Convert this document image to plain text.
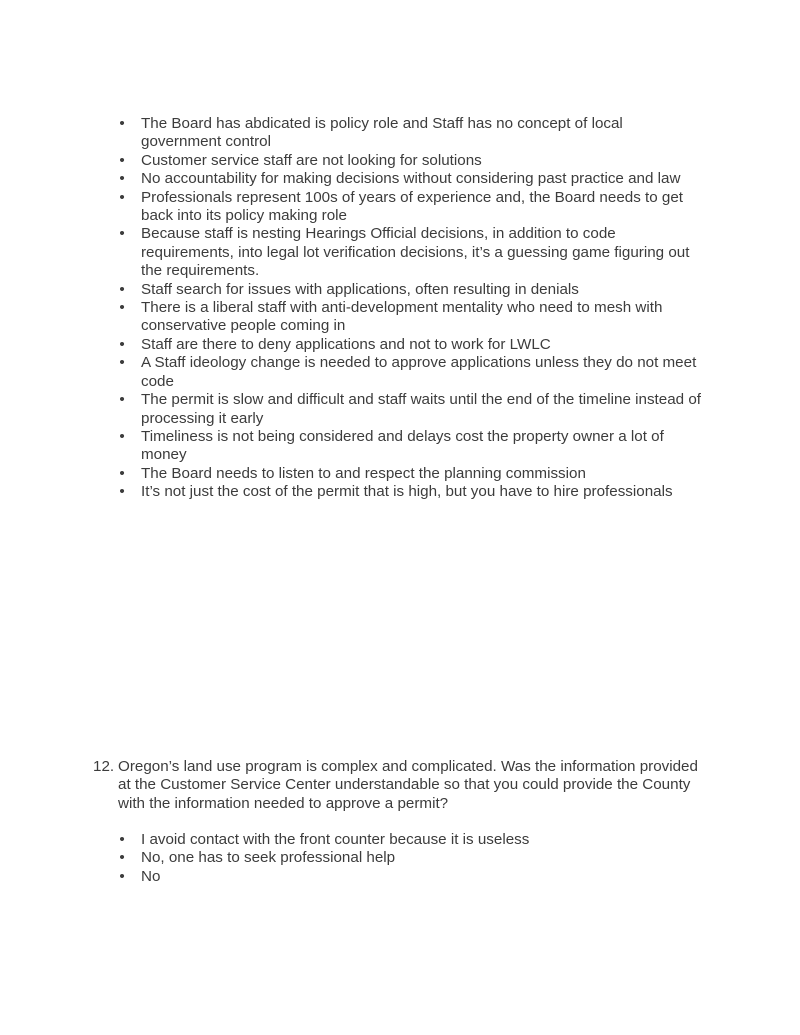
• The Board has abdicated is policy role and Staff has no concept of local government control
• Customer service staff are not looking for solutions
• No accountability for making decisions without considering past practice and law
• Professionals represent 100s of years of experience and, the Board needs to get back into its policy making role
• Because staff is nesting Hearings Official decisions, in addition to code requirements, into legal lot verification decisions, it’s a guessing game figuring out the requirements.
• Staff search for issues with applications, often resulting in denials
• There is a liberal staff with anti-development mentality who need to mesh with conservative people coming in
• Staff are there to deny applications and not to work for LWLC
• A Staff ideology change is needed to approve applications unless they do not meet code
• The permit is slow and difficult and staff waits until the end of the timeline instead of processing it early
• Timeliness is not being considered and delays cost the property owner a lot of money
• The Board needs to listen to and respect the planning commission
• It’s not just the cost of the permit that is high, but you have to hire professionals
12. Oregon’s land use program is complex and complicated. Was the information provided at the Customer Service Center understandable so that you could provide the County with the information needed to approve a permit?
• I avoid contact with the front counter because it is useless
• No, one has to seek professional help
• No
